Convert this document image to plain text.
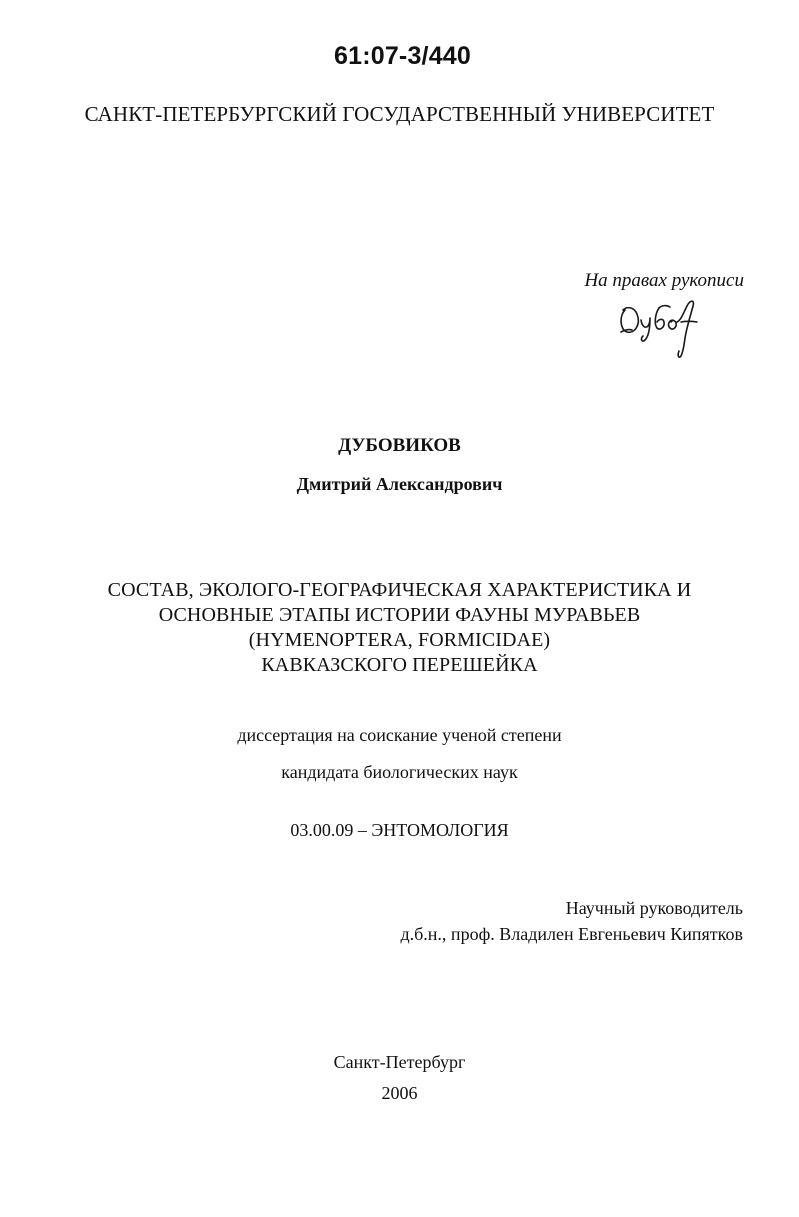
61:07-3/440
САНКТ-ПЕТЕРБУРГСКИЙ ГОСУДАРСТВЕННЫЙ УНИВЕРСИТЕТ
На правах рукописи
ДУБОВИКОВ
Дмитрий Александрович
СОСТАВ, ЭКОЛОГО-ГЕОГРАФИЧЕСКАЯ ХАРАКТЕРИСТИКА И
ОСНОВНЫЕ ЭТАПЫ ИСТОРИИ ФАУНЫ МУРАВЬЕВ
(HYMENOPTERA, FORMICIDAE)
КАВКАЗСКОГО ПЕРЕШЕЙКА
диссертация на соискание ученой степени
кандидата биологических наук
03.00.09 – ЭНТОМОЛОГИЯ
Научный руководитель
д.б.н., проф. Владилен Евгеньевич Кипятков
Санкт-Петербург
2006
